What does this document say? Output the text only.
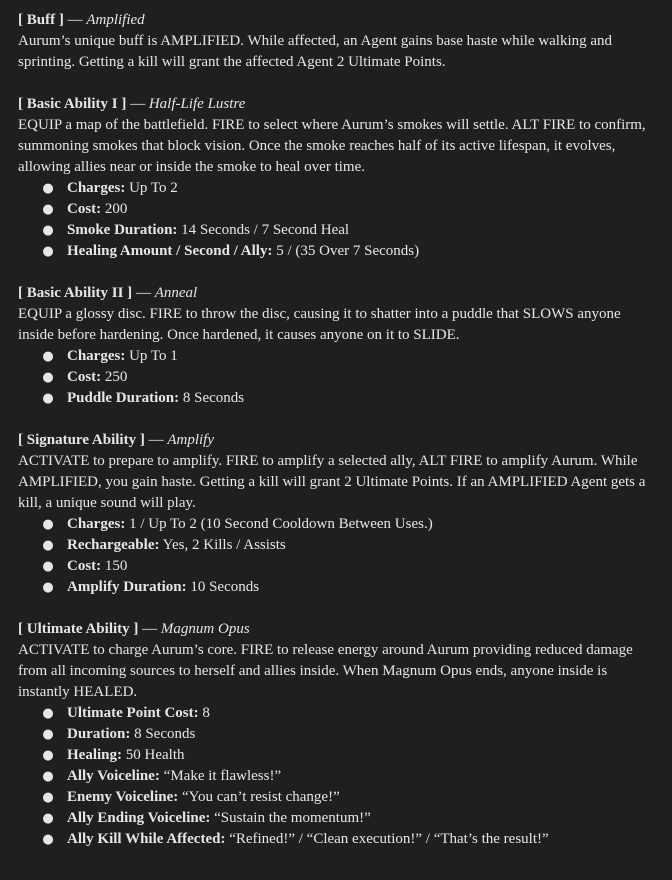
[ Buff ] — Amplified

Aurum’s unique buff is AMPLIFIED. While affected, an Agent gains base haste while walking and sprinting. Getting a kill will grant the affected Agent 2 Ultimate Points.

[ Basic Ability I ] — Half-Life Lustre

EQUIP a map of the battlefield. FIRE to select where Aurum’s smokes will settle. ALT FIRE to confirm, summoning smokes that block vision. Once the smoke reaches half of its active lifespan, it evolves, allowing allies near or inside the smoke to heal over time.

● Charges: Up To 2
● Cost: 200
● Smoke Duration: 14 Seconds / 7 Second Heal
● Healing Amount / Second / Ally: 5 / (35 Over 7 Seconds)
[ Basic Ability II ] — Anneal

EQUIP a glossy disc. FIRE to throw the disc, causing it to shatter into a puddle that SLOWS anyone inside before hardening. Once hardened, it causes anyone on it to SLIDE.

● Charges: Up To 1
● Cost: 250
● Puddle Duration: 8 Seconds
[ Signature Ability ] — Amplify

ACTIVATE to prepare to amplify. FIRE to amplify a selected ally, ALT FIRE to amplify Aurum. While AMPLIFIED, you gain haste. Getting a kill will grant 2 Ultimate Points. If an AMPLIFIED Agent gets a kill, a unique sound will play.

● Charges: 1 / Up To 2 (10 Second Cooldown Between Uses.)
● Rechargeable: Yes, 2 Kills / Assists
● Cost: 150
● Amplify Duration: 10 Seconds
[ Ultimate Ability ] — Magnum Opus

ACTIVATE to charge Aurum’s core. FIRE to release energy around Aurum providing reduced damage from all incoming sources to herself and allies inside. When Magnum Opus ends, anyone inside is instantly HEALED.

● Ultimate Point Cost: 8
● Duration: 8 Seconds
● Healing: 50 Health
● Ally Voiceline: “Make it flawless!”
● Enemy Voiceline: “You can’t resist change!”
● Ally Ending Voiceline: “Sustain the momentum!”
● Ally Kill While Affected: “Refined!” / “Clean execution!” / “That’s the result!”
